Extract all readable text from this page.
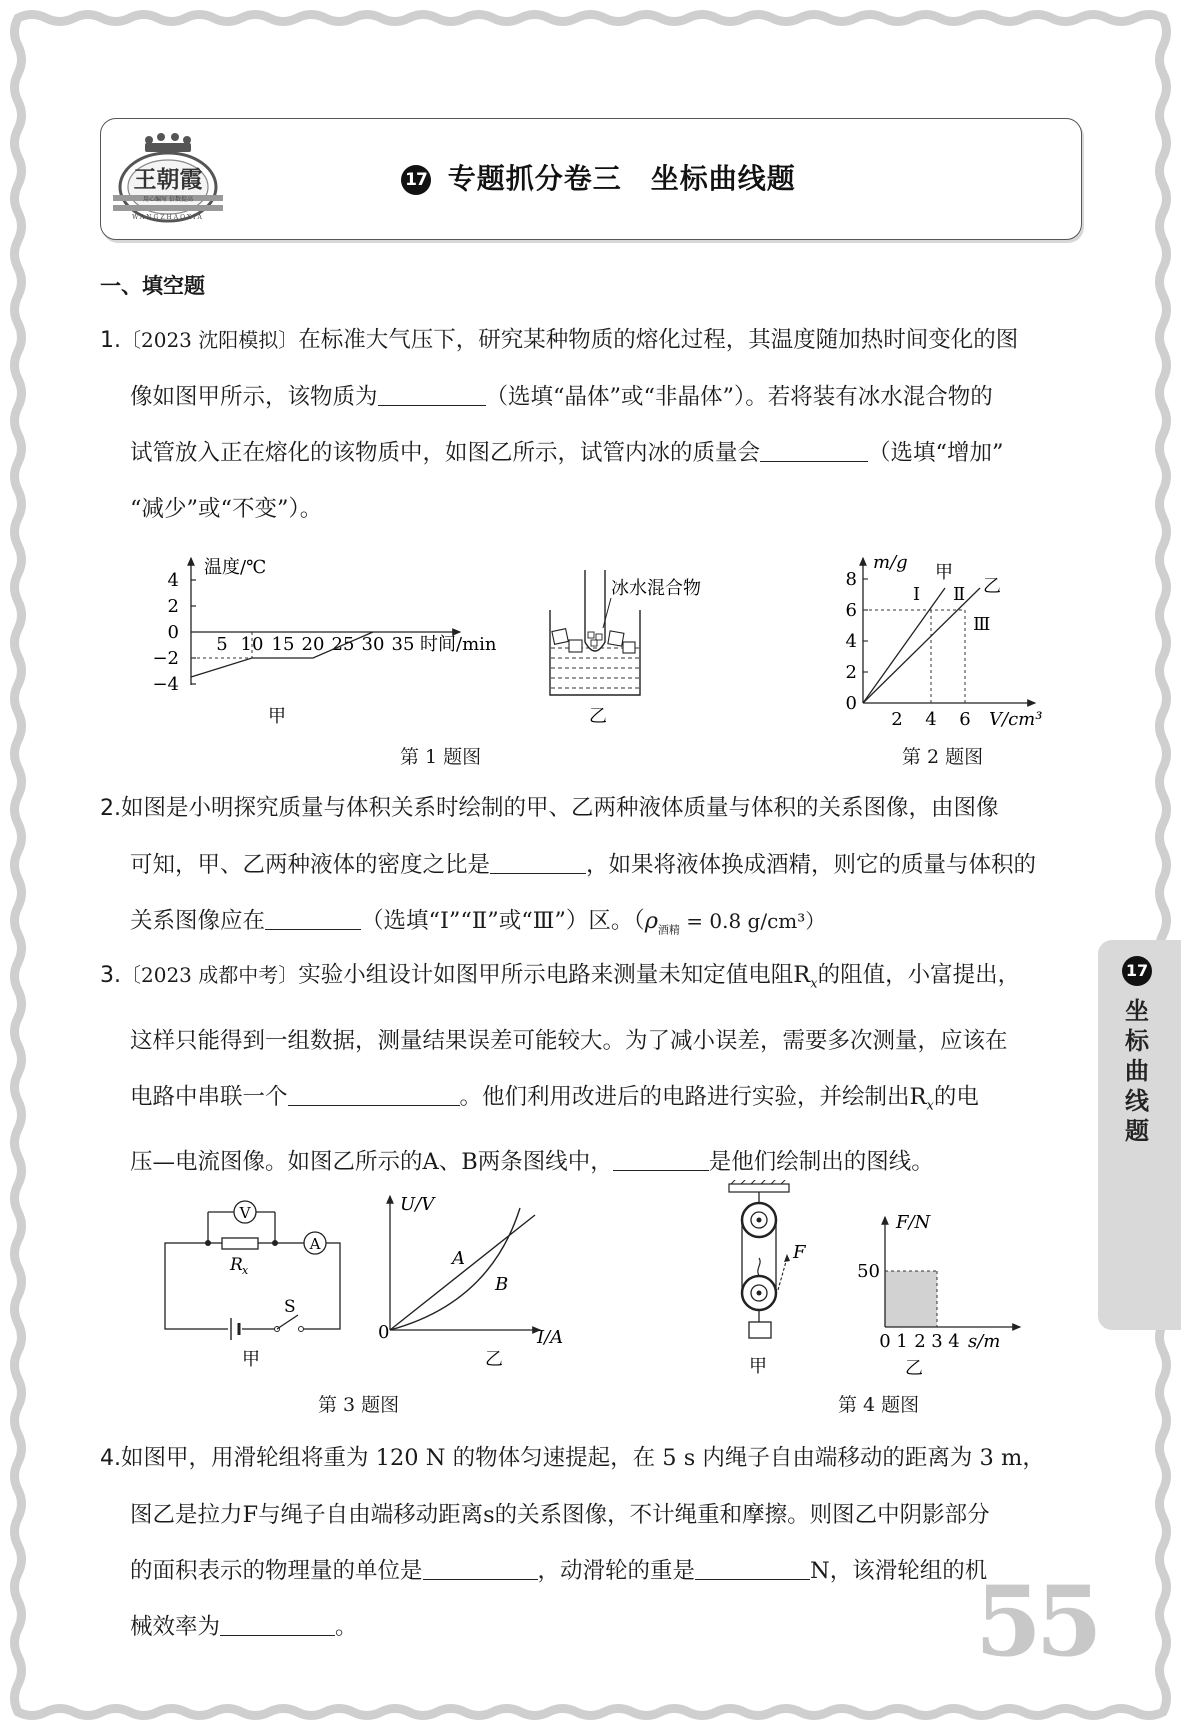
王朝霞
用心编写 倍数提高
WANGZHAOXIA
17 专题抓分卷三　坐标曲线题
一、填空题
1.〔2023 沈阳模拟〕在标准大气压下，研究某种物质的熔化过程，其温度随加热时间变化的图
像如图甲所示，该物质为	（选填“晶体”或“非晶体”）。若将装有冰水混合物的
试管放入正在熔化的该物质中，如图乙所示，试管内冰的质量会	（选填“增加”
“减少”或“不变”）。
温度/℃
4
2
0
−2
−4
5 10 15 20 25 30 35 时间/min
甲
冰水混合物
乙
第 1 题图
m/g
8
6
4
2
0
2 4 6 V/cm³
甲
乙
Ⅰ Ⅱ
Ⅲ
第 2 题图
2.如图是小明探究质量与体积关系时绘制的甲、乙两种液体质量与体积的关系图像，由图像
可知，甲、乙两种液体的密度之比是	，如果将液体换成酒精，则它的质量与体积的
关系图像应在	（选填“Ⅰ”“Ⅱ”或“Ⅲ”）区。（$\rho_{酒精} = 0.8$ g/cm³）
3.〔2023 成都中考〕实验小组设计如图甲所示电路来测量未知定值电阻$R_x$的阻值，小富提出，
这样只能得到一组数据，测量结果误差可能较大。为了减小误差，需要多次测量，应该在
电路中串联一个	。他们利用改进后的电路进行实验，并绘制出$R_x$的电
压—电流图像。如图乙所示的A、B两条图线中，	是他们绘制出的图线。
V
R x
A
S
甲
U/V
0	I/A
A
B
乙
第 3 题图
F
甲
F/N
50
0 1 2 3 4 s/m
乙
第 4 题图
4.如图甲，用滑轮组将重为 120 N 的物体匀速提起，在 5 s 内绳子自由端移动的距离为 3 m，
图乙是拉力F与绳子自由端移动距离s的关系图像，不计绳重和摩擦。则图乙中阴影部分
的面积表示的物理量的单位是	，动滑轮的重是	N，该滑轮组的机
械效率为	。
17
坐标曲线题
55
